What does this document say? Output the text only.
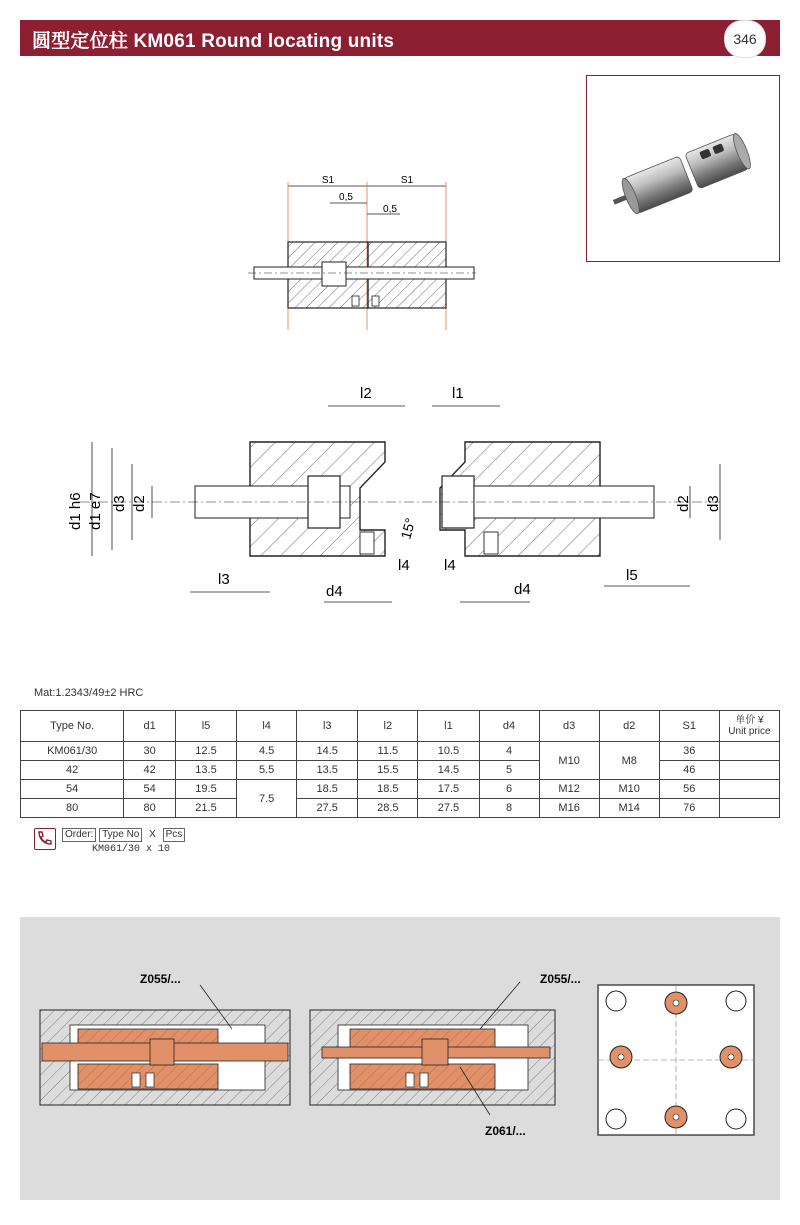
圆型定位柱 KM061 Round locating units	346
S1	S1
0,5
0,5
d1 h6 d1 e7 d3 d2
l2	l1
l3
l4 l4
d4	d4
15°
l5
d2 d3
Mat:1.2343/49±2 HRC
Type No.	d1	l5	l4	l3	l2	l1	d4	d3	d2	S1	单价 ¥
Unit price

KM061/30	30	12.5	4.5	14.5	11.5	10.5	4	M10	M8	36	
42	42	13.5	5.5	13.5	15.5	14.5	5			46	
54	54	19.5	7.5	18.5	18.5	17.5	6	M12	M10	56	
80	80	21.5		27.5	28.5	27.5	8	M16	M14	76	
Order: Type No X Pcs
KM061/30 x 10
Z055/...	Z055/...
Z061/...
